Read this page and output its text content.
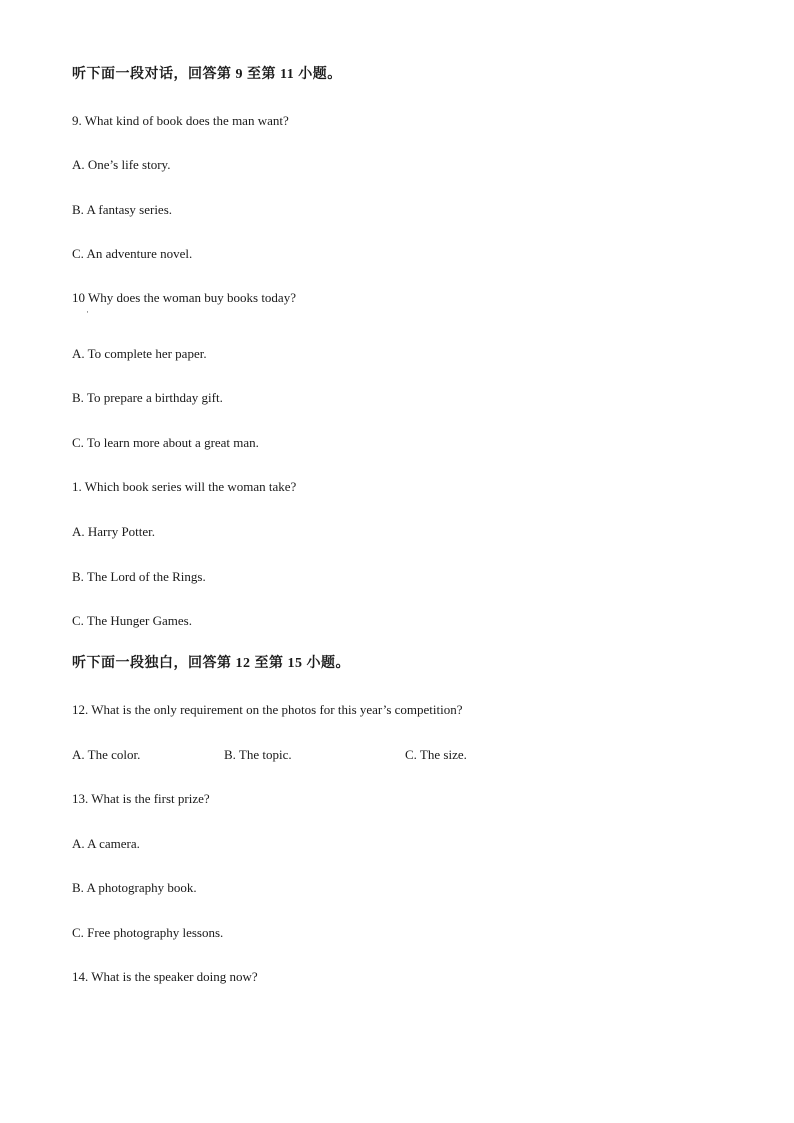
听下面一段对话，回答第 9 至第 11 小题。
9. What kind of book does the man want?
A. One’s life story.
B. A fantasy series.
C. An adventure novel.
10 Why does the woman buy books today?
·
A. To complete her paper.
B. To prepare a birthday gift.
C. To learn more about a great man.
1. Which book series will the woman take?
A. Harry Potter.
B. The Lord of the Rings.
C. The Hunger Games.
听下面一段独白，回答第 12 至第 15 小题。
12. What is the only requirement on the photos for this year’s competition?
A. The color.	B. The topic.	C. The size.
13. What is the first prize?
A. A camera.
B. A photography book.
C. Free photography lessons.
14. What is the speaker doing now?
